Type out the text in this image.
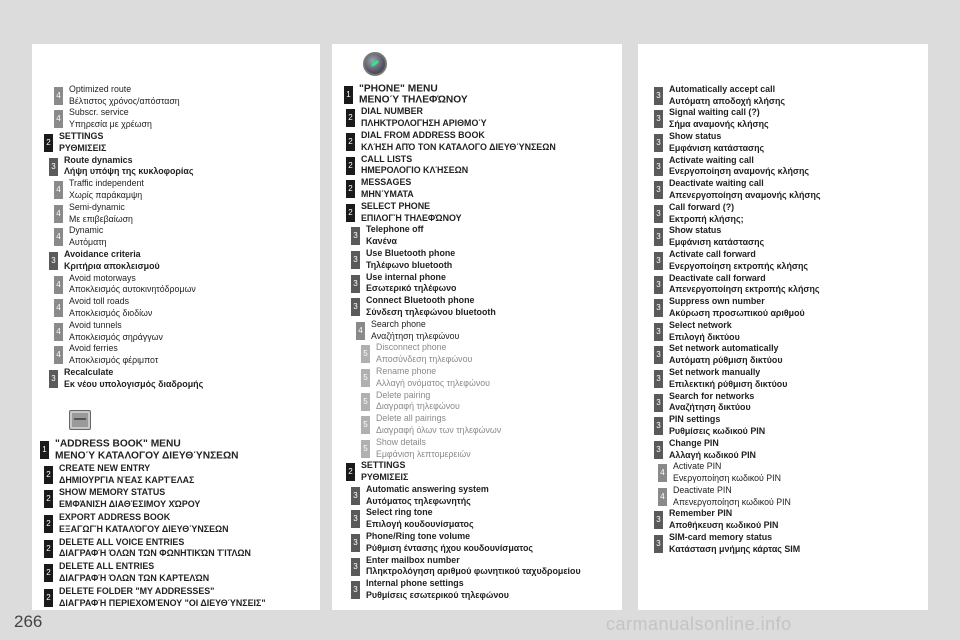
4
Optimized route
Βέλτιστος χρόνος/απόσταση
4
Subscr. service
Υπηρεσία με χρέωση
2
SETTINGS
ΡΥΘΜΙΣΕΙΣ
3
Route dynamics
Λήψη υπόψη της κυκλοφορίας
4
Traffic independent
Χωρίς παράκαμψη
4
Semi-dynamic
Με επιβεβαίωση
4
Dynamic
Αυτόματη
3
Avoidance criteria
Κριτήρια αποκλεισμού
4
Avoid motorways
Αποκλεισμός αυτοκινητόδρομων
4
Avoid toll roads
Αποκλεισμός διοδίων
4
Avoid tunnels
Αποκλεισμός σηράγγων
4
Avoid ferries
Αποκλεισμός φέριμποτ
3
Recalculate
Εκ νέου υπολογισμός διαδρομής
1 "ADDRESS BOOK" MENU
ΜΕΝΟΎ ΚΑΤΑΛΟΓΟΥ ΔΙΕΥΘΎΝΣΕΩΝ
2
CREATE NEW ENTRY
ΔΗΜΙΟΥΡΓΙΑ ΝΈΑΣ ΚΑΡΤΈΛΑΣ
2
SHOW MEMORY STATUS
ΕΜΦΆΝΙΣΗ ΔΙΑΘΈΣΙΜΟΥ ΧΏΡΟΥ
2
EXPORT ADDRESS BOOK
ΕΞΑΓΩΓΉ ΚΑΤΑΛΌΓΟΥ ΔΙΕΥΘΎΝΣΕΩΝ
2
DELETE ALL VOICE ENTRIES
ΔΙΑΓΡΑΦΉ ΌΛΩΝ ΤΩΝ ΦΩΝΗΤΙΚΏΝ ΤΊΤΛΩΝ
2
DELETE ALL ENTRIES
ΔΙΑΓΡΑΦΉ ΌΛΩΝ ΤΩΝ ΚΑΡΤΕΛΏΝ
2
DELETE FOLDER "MY ADDRESSES"
ΔΙΑΓΡΑΦΉ ΠΕΡΙΕΧΟΜΈΝΟΥ "ΟΙ ΔΙΕΥΘΎΝΣΕΙΣ"
1 "PHONE" MENU
ΜΕΝΟΎ ΤΗΛΕΦΏΝΟΥ
2
DIAL NUMBER
ΠΛΗΚΤΡΟΛΟΓΗΣΗ ΑΡΙΘΜΟΎ
2
DIAL FROM ADDRESS BOOK
ΚΛΉΣΗ ΑΠΌ ΤΟΝ ΚΑΤΑΛΟΓΟ ΔΙΕΥΘΎΝΣΕΩΝ
2
CALL LISTS
ΗΜΕΡΟΛΟΓΙΟ ΚΛΉΣΕΩΝ
2
MESSAGES
ΜΗΝΎΜΑΤΑ
2
SELECT PHONE
ΕΠΙΛΟΓΉ ΤΗΛΕΦΏΝΟΥ
3
Telephone off
Κανένα
3
Use Bluetooth phone
Τηλέφωνο bluetooth
3
Use internal phone
Εσωτερικό τηλέφωνο
3
Connect Bluetooth phone
Σύνδεση τηλεφώνου bluetooth
4
Search phone
Αναζήτηση τηλεφώνου
5
Disconnect phone
Αποσύνδεση τηλεφώνου
5
Rename phone
Αλλαγή ονόματος τηλεφώνου
5
Delete pairing
Διαγραφή τηλεφώνου
5
Delete all pairings
Διαγραφή όλων των τηλεφώνων
5
Show details
Εμφάνιση λεπτομερειών
2
SETTINGS
ΡΥΘΜΙΣΕΙΣ
3
Automatic answering system
Αυτόματος τηλεφωνητής
3
Select ring tone
Επιλογή κουδουνίσματος
3
Phone/Ring tone volume
Ρύθμιση έντασης ήχου κουδουνίσματος
3
Enter mailbox number
Πληκτρολόγηση αριθμού φωνητικού ταχυδρομείου
3
Internal phone settings
Ρυθμίσεις εσωτερικού τηλεφώνου
3
Automatically accept call
Αυτόματη αποδοχή κλήσης
3
Signal waiting call (?)
Σήμα αναμονής κλήσης
3
Show status
Εμφάνιση κατάστασης
3
Activate waiting call
Ενεργοποίηση αναμονής κλήσης
3
Deactivate waiting call
Απενεργοποίηση αναμονής κλήσης
3
Call forward (?)
Εκτροπή κλήσης;
3
Show status
Εμφάνιση κατάστασης
3
Activate call forward
Ενεργοποίηση εκτροπής κλήσης
3
Deactivate call forward
Απενεργοποίηση εκτροπής κλήσης
3
Suppress own number
Ακύρωση προσωπικού αριθμού
3
Select network
Επιλογή δικτύου
3
Set network automatically
Αυτόματη ρύθμιση δικτύου
3
Set network manually
Επιλεκτική ρύθμιση δικτύου
3
Search for networks
Αναζήτηση δικτύου
3
PIN settings
Ρυθμίσεις κωδικού PIN
3
Change PIN
Αλλαγή κωδικού PIN
4
Activate PIN
Ενεργοποίηση κωδικού PIN
4
Deactivate PIN
Απενεργοποίηση κωδικού PIN
3
Remember PIN
Αποθήκευση κωδικού PIN
3
SIM-card memory status
Κατάσταση μνήμης κάρτας SIM
266	carmanualsonline.info
